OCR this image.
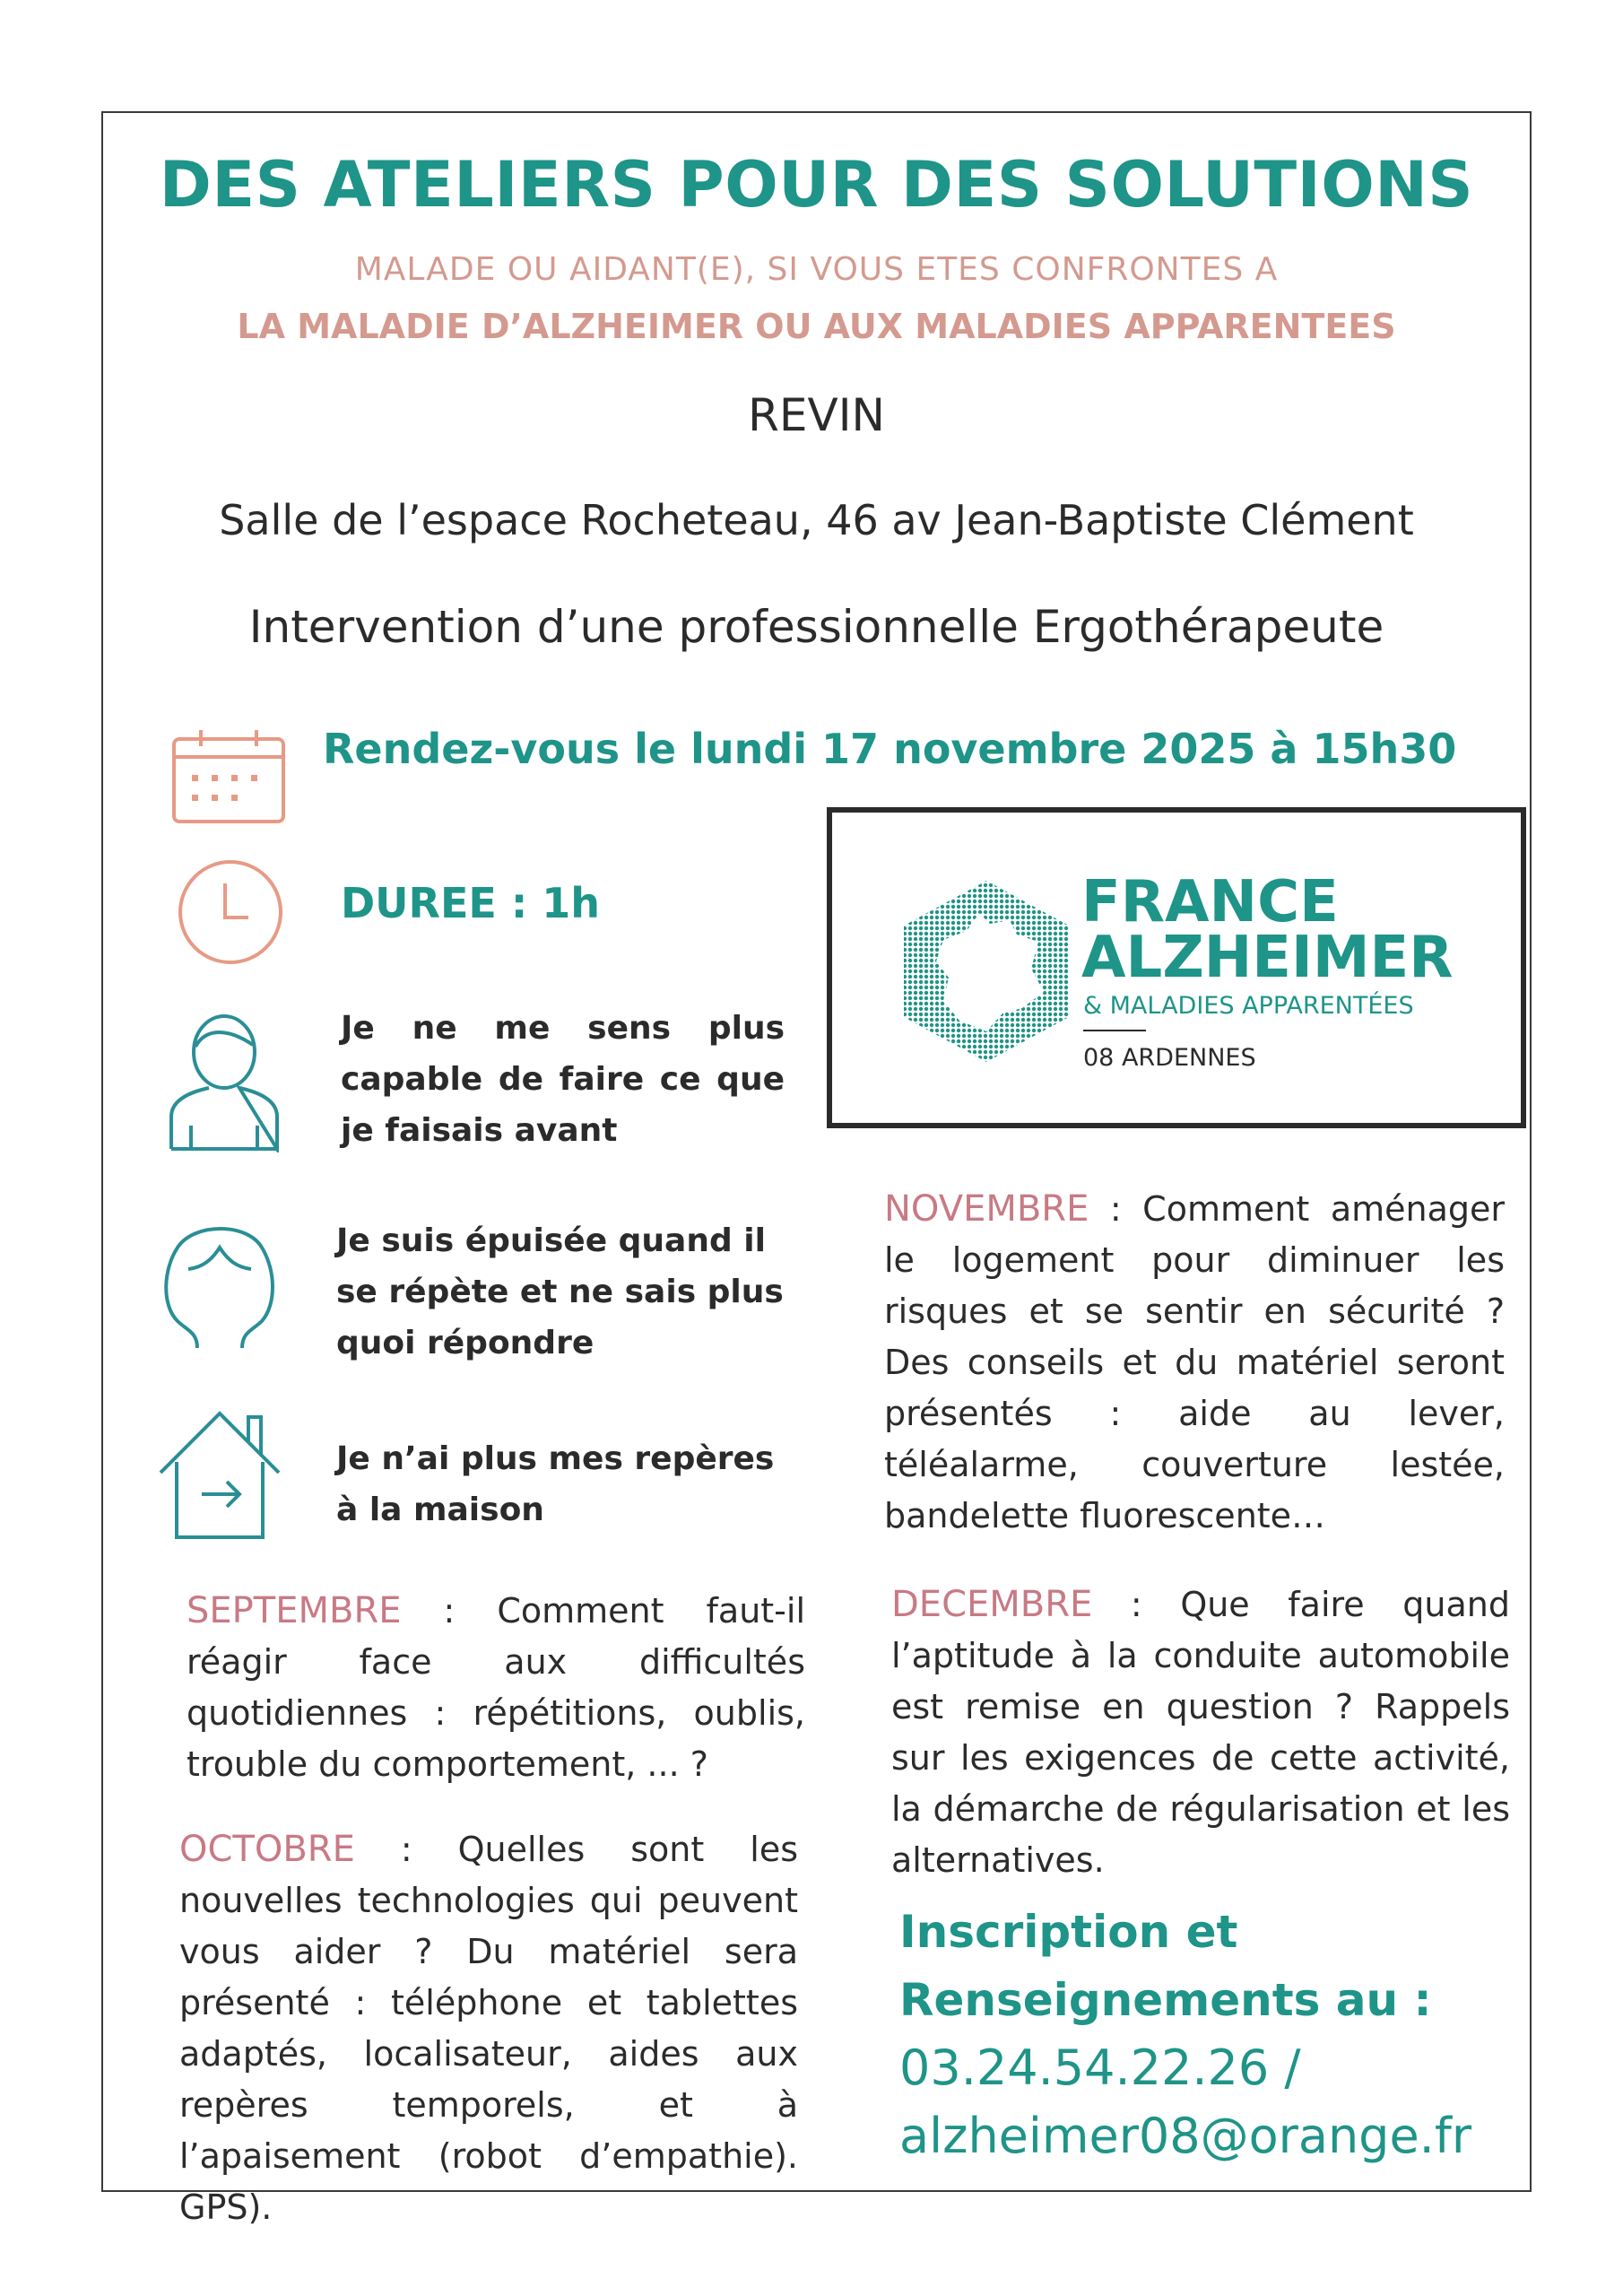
DES ATELIERS POUR DES SOLUTIONS
MALADE OU AIDANT(E), SI VOUS ETES CONFRONTES A
LA MALADIE D’ALZHEIMER OU AUX MALADIES APPARENTEES
REVIN
Salle de l’espace Rocheteau, 46 av Jean-Baptiste Clément
Intervention d’une professionnelle Ergothérapeute
Rendez-vous le lundi 17 novembre 2025 à 15h30
DUREE : 1h
Je ne me sens plus capable de faire ce que je faisais avant
Je suis épuisée quand il se répète et ne sais plus quoi répondre
Je n’ai plus mes repères à la maison
FRANCE
ALZHEIMER
& MALADIES APPARENTÉES
08 ARDENNES
SEPTEMBRE : Comment faut-il réagir face aux difficultés quotidiennes : répétitions, oublis, trouble du comportement, ... ?
OCTOBRE : Quelles sont les nouvelles technologies qui peuvent vous aider ? Du matériel sera présenté : téléphone et tablettes adaptés, localisateur, aides aux repères temporels, et à l’apaisement (robot d’empathie). GPS).
NOVEMBRE : Comment aménager le logement pour diminuer les risques et se sentir en sécurité ? Des conseils et du matériel seront présentés : aide au lever, téléalarme, couverture lestée, bandelette fluorescente…
DECEMBRE : Que faire quand l’aptitude à la conduite automobile est remise en question ? Rappels sur les exigences de cette activité, la démarche de régularisation et les alternatives.
Inscription et
Renseignements au :
03.24.54.22.26 /
alzheimer08@orange.fr
